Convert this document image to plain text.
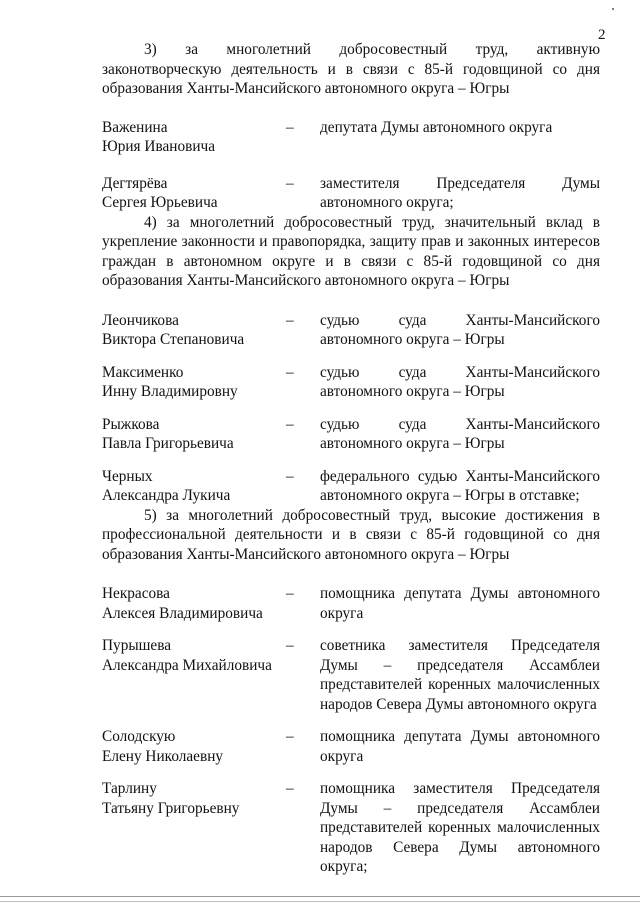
2

3) за многолетний добросовестный труд, активную законотворческую деятельность и в связи с 85-й годовщиной со дня образования Ханты-Мансийского автономного округа – Югры

Важенина
Юрия Ивановича
–	депутата Думы автономного округа
Дегтярёва
Сергея Юрьевича
–	заместителя Председателя Думы автономного округа;

4) за многолетний добросовестный труд, значительный вклад в укрепление законности и правопорядка, защиту прав и законных интересов граждан в автономном округе и в связи с 85-й годовщиной со дня образования Ханты-Мансийского автономного округа – Югры

Леончикова
Виктора Степановича
–	судью суда Ханты-Мансийского автономного округа – Югры
Максименко
Инну Владимировну
–	судью суда Ханты-Мансийского автономного округа – Югры
Рыжкова
Павла Григорьевича
–	судью суда Ханты-Мансийского автономного округа – Югры
Черных
Александра Лукича
–	федерального судью Ханты-Мансийского автономного округа – Югры в отставке;

5) за многолетний добросовестный труд, высокие достижения в профессиональной деятельности и в связи с 85-й годовщиной со дня образования Ханты-Мансийского автономного округа – Югры

Некрасова
Алексея Владимировича
–	помощника депутата Думы автономного округа
Пурышева
Александра Михайловича
–	советника заместителя Председателя Думы – председателя Ассамблеи представителей коренных малочисленных народов Севера Думы автономного округа
Солодскую
Елену Николаевну
–	помощника депутата Думы автономного округа
Тарлину
Татьяну Григорьевну
–	помощника заместителя Председателя Думы – председателя Ассамблеи представителей коренных малочисленных народов Севера Думы автономного округа;
